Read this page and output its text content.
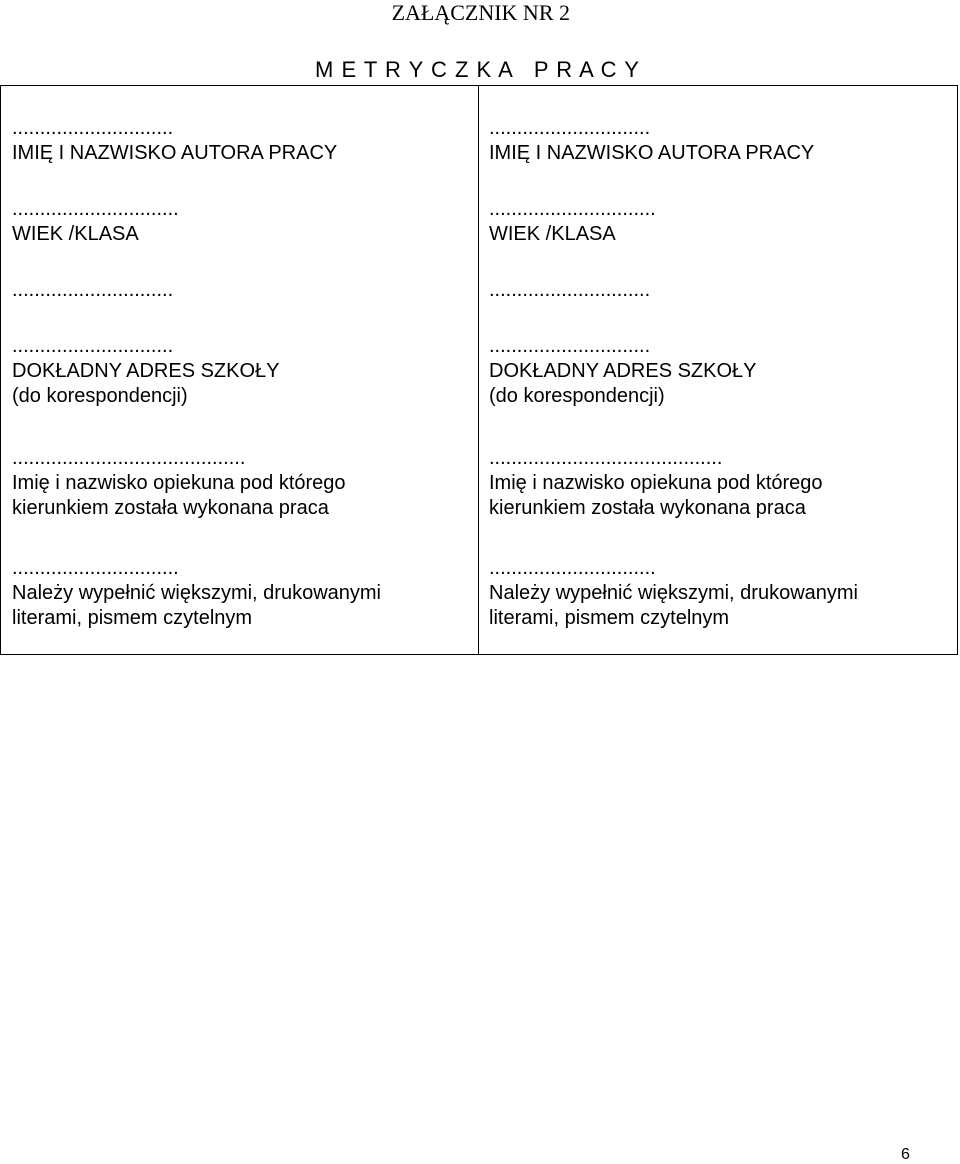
ZAŁĄCZNIK NR 2
M E T R Y C Z K A   P R A C Y
.............................
IMIĘ I NAZWISKO AUTORA PRACY
..............................
WIEK /KLASA
.............................
.............................
DOKŁADNY ADRES SZKOŁY
(do korespondencji)
..........................................
Imię i nazwisko opiekuna pod którego
kierunkiem została wykonana praca
..............................
Należy wypełnić większymi, drukowanymi
literami, pismem czytelnym
.............................
IMIĘ I NAZWISKO AUTORA PRACY
..............................
WIEK /KLASA
.............................
.............................
DOKŁADNY ADRES SZKOŁY
(do korespondencji)
..........................................
Imię i nazwisko opiekuna pod którego
kierunkiem została wykonana praca
..............................
Należy wypełnić większymi, drukowanymi
literami, pismem czytelnym
6
